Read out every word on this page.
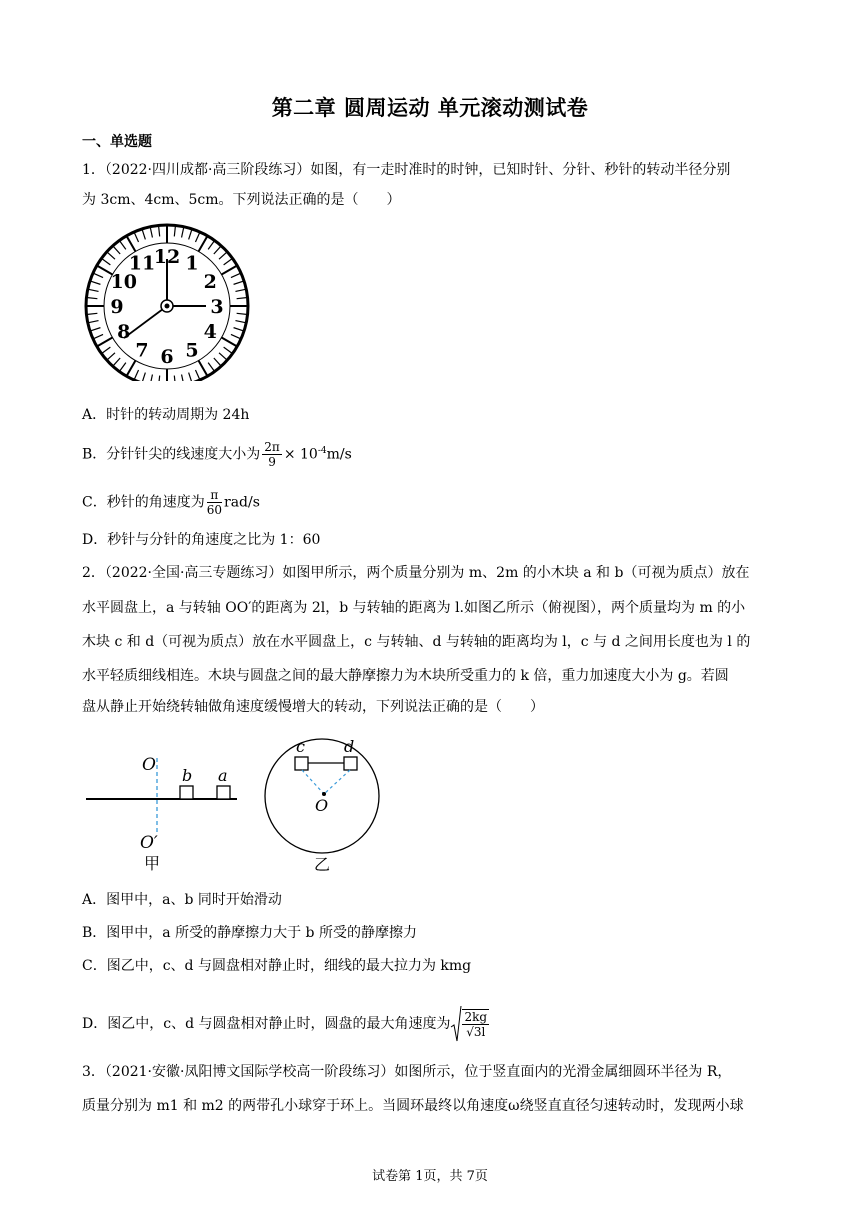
第二章 圆周运动 单元滚动测试卷
一、单选题
1．（2022·四川成都·高三阶段练习）如图，有一走时准时的时钟，已知时针、分针、秒针的转动半径分别
为 3cm、4cm、5cm。下列说法正确的是（　　）
12 1
2
3
4
5
6
7
8
9
10
11
A．时针的转动周期为 24h
B．分针针尖的线速度大小为 $\frac{2\pi}{9} \times 10^{-4}m/s$
C．秒针的角速度为 $\frac{\pi}{60} rad/s$
D．秒针与分针的角速度之比为 1：60
2．（2022·全国·高三专题练习）如图甲所示，两个质量分别为 m、2m 的小木块 a 和 b（可视为质点）放在
水平圆盘上，a 与转轴 OO′的距离为 2l，b 与转轴的距离为 l.如图乙所示（俯视图），两个质量均为 m 的小
木块 c 和 d（可视为质点）放在水平圆盘上，c 与转轴、d 与转轴的距离均为 l，c 与 d 之间用长度也为 l 的
水平轻质细线相连。木块与圆盘之间的最大静摩擦力为木块所受重力的 k 倍，重力加速度大小为 g。若圆
盘从静止开始绕转轴做角速度缓慢增大的转动，下列说法正确的是（　　）
O
b a
O′
甲
c d
O
乙
A．图甲中，a、b 同时开始滑动
B．图甲中，a 所受的静摩擦力大于 b 所受的静摩擦力
C．图乙中，c、d 与圆盘相对静止时，细线的最大拉力为 kmg
D．图乙中，c、d 与圆盘相对静止时，圆盘的最大角速度为 $\frac{2kg}{√3l}$
3．（2021·安徽·凤阳博文国际学校高一阶段练习）如图所示，位于竖直面内的光滑金属细圆环半径为 R，
质量分别为 m1 和 m2 的两带孔小球穿于环上。当圆环最终以角速度ω绕竖直直径匀速转动时，发现两小球
试卷第 1页，共 7页
